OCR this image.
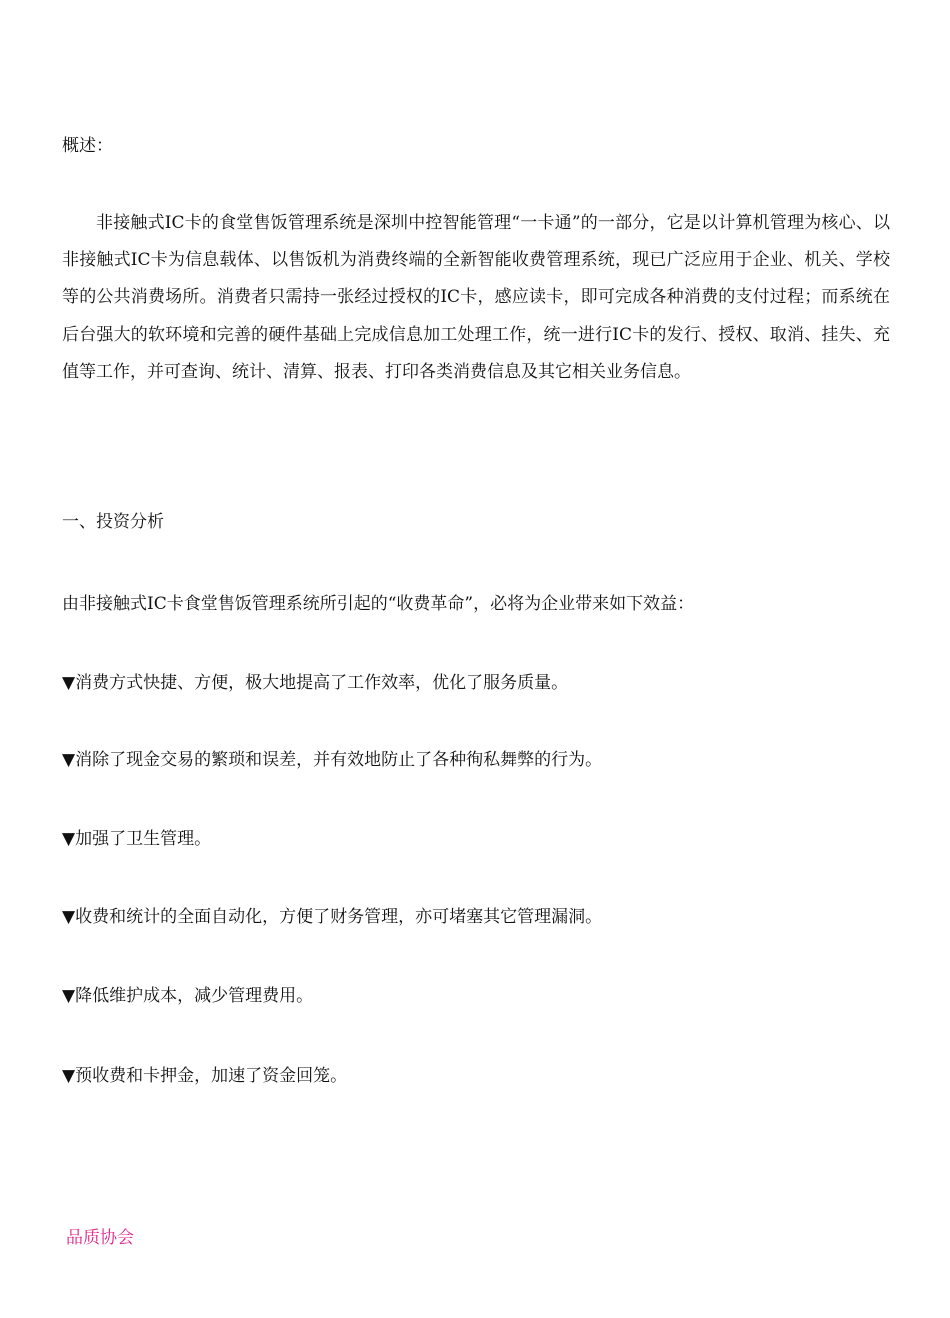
概述：

非接触式IC卡的食堂售饭管理系统是深圳中控智能管理“一卡通”的一部分，它是以计算机管理为核心、以非接触式IC卡为信息载体、以售饭机为消费终端的全新智能收费管理系统，现已广泛应用于企业、机关、学校等的公共消费场所。消费者只需持一张经过授权的IC卡，感应读卡，即可完成各种消费的支付过程；而系统在后台强大的软环境和完善的硬件基础上完成信息加工处理工作，统一进行IC卡的发行、授权、取消、挂失、充值等工作，并可查询、统计、清算、报表、打印各类消费信息及其它相关业务信息。

一、投资分析

由非接触式IC卡食堂售饭管理系统所引起的“收费革命”，必将为企业带来如下效益：

▼消费方式快捷、方便，极大地提高了工作效率，优化了服务质量。

▼消除了现金交易的繁琐和误差，并有效地防止了各种徇私舞弊的行为。

▼加强了卫生管理。

▼收费和统计的全面自动化，方便了财务管理，亦可堵塞其它管理漏洞。

▼降低维护成本，减少管理费用。

▼预收费和卡押金，加速了资金回笼。

品质协会
